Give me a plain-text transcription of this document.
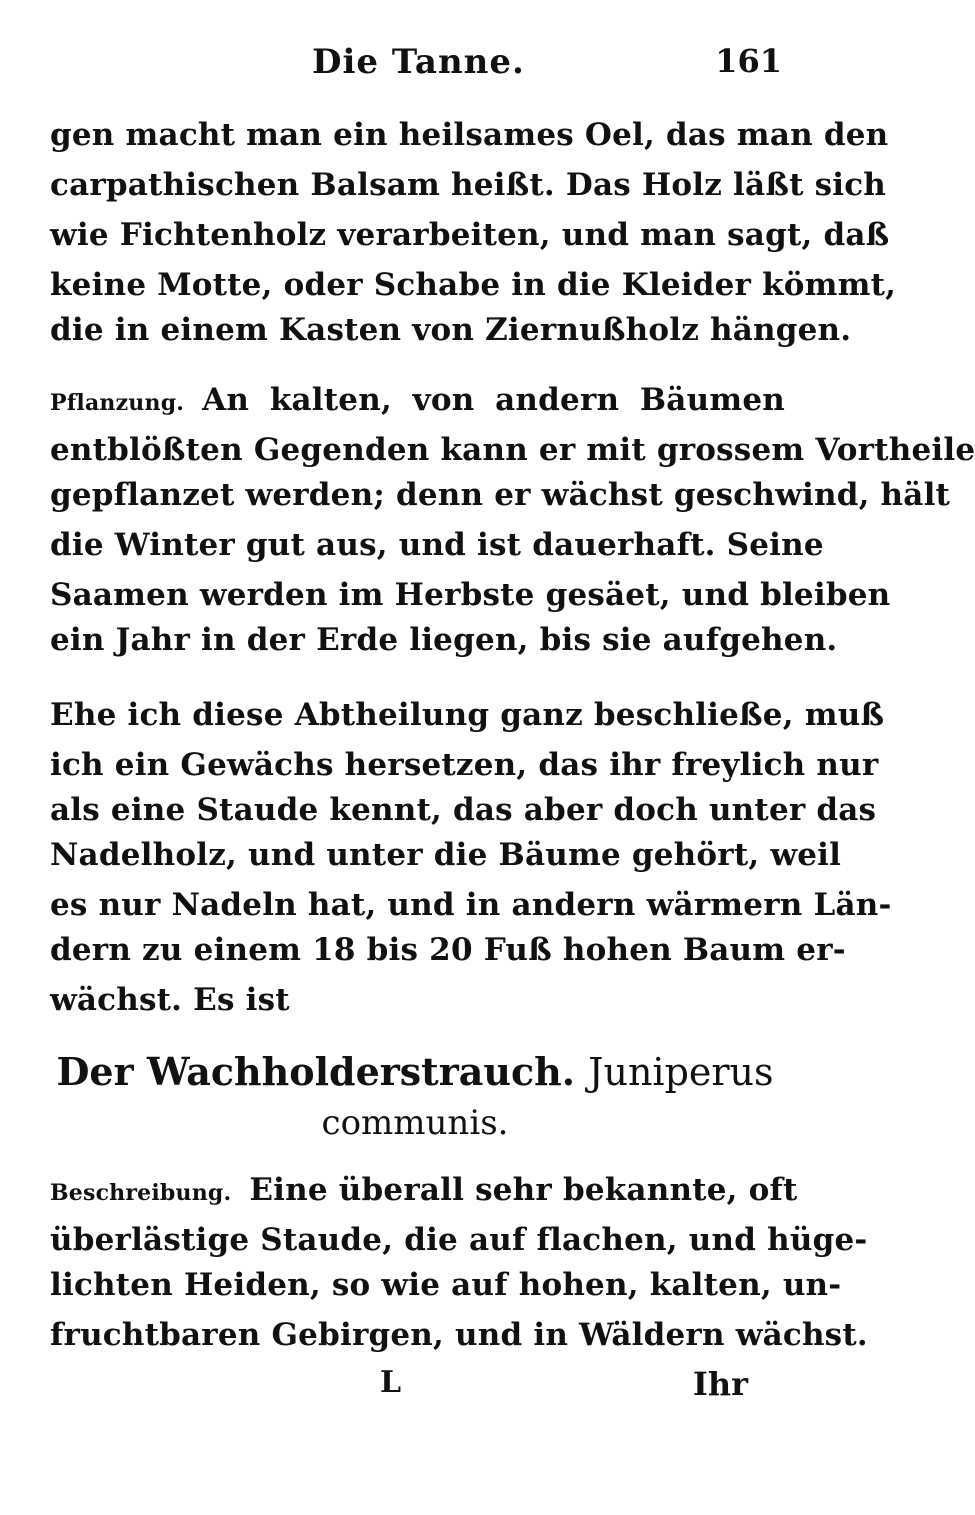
Die Tanne.	161
gen macht man ein heilsames Oel, das man den
carpathischen Balsam heißt. Das Holz läßt sich
wie Fichtenholz verarbeiten, und man sagt, daß
keine Motte, oder Schabe in die Kleider kömmt,
die in einem Kasten von Ziernußholz hängen.
Pflanzung. An kalten, von andern Bäumen
entblößten Gegenden kann er mit grossem Vortheile
gepflanzet werden; denn er wächst geschwind, hält
die Winter gut aus, und ist dauerhaft. Seine
Saamen werden im Herbste gesäet, und bleiben
ein Jahr in der Erde liegen, bis sie aufgehen.
Ehe ich diese Abtheilung ganz beschließe, muß
ich ein Gewächs hersetzen, das ihr freylich nur
als eine Staude kennt, das aber doch unter das
Nadelholz, und unter die Bäume gehört, weil
es nur Nadeln hat, und in andern wärmern Län-
dern zu einem 18 bis 20 Fuß hohen Baum er-
wächst. Es ist
Der Wachholderstrauch. Juniperus
communis.
Beschreibung. Eine überall sehr bekannte, oft
überlästige Staude, die auf flachen, und hüge-
lichten Heiden, so wie auf hohen, kalten, un-
fruchtbaren Gebirgen, und in Wäldern wächst.
L	Ihr
